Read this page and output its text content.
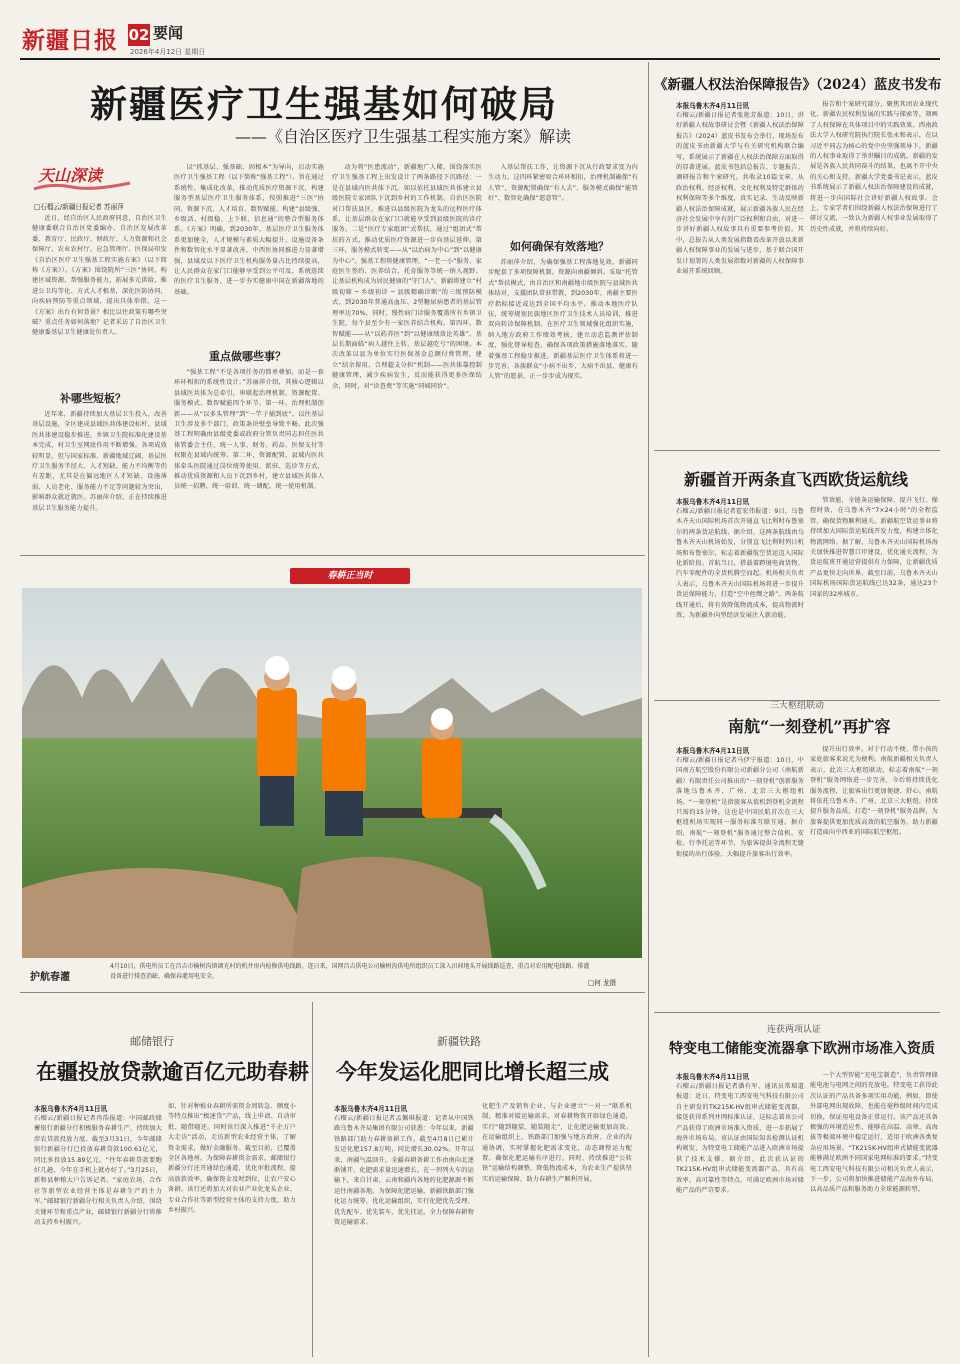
新疆日报 02 要闻
2026年4月12日 星期日
新疆医疗卫生强基如何破局
——《自治区医疗卫生强基工程实施方案》解读
天山深读
□石榴云/新疆日报记者 苏丽萍

近日，经自治区人民政府同意，自治区卫生健康委联合自治区党委编办、自治区发展改革委、教育厅、民政厅、财政厅、人力资源和社会保障厅、农业农村厅、应急管理厅、医保局印发《自治区医疗卫生强基工程实施方案》（以下简称《方案》）。《方案》围绕院所“三医”协同，构建区域资源、帮强服务能力，拓展多元供给，推进公卫均等化、方式人才根基，深化医防协同，向疾病预防等重点领域，提出具体举措。这一《方案》出台有何背景？相比以往政策有哪些突破？重点任务如何落地？记者采访了自治区卫生健康委基层卫生健康处负责人。

补哪些短板？

近年来，新疆持续加大基层卫生投入，改善基层设施，全区建成县域医共体建设标杆，县域医共体建设稳步推进，乡镇卫生院标准化建设基本完成，村卫生室网底作用不断增强。各项成效较明显，但与国家标准、新疆地域辽阔、基层医疗卫生服务半径大、人才短缺、能力不均衡等仍有差距，尤其是在偏远地区人才短缺、设施薄弱、人员老化、服务能力不足等问题较为突出，影响群众就近就医。苏丽萍介绍，正在持续推进基层卫生服务能力提升。

以“抓基层、强基础、固根本”为导向，启动实施医疗卫生强基工程（以下简称“强基工程”），旨在通过系统性、集成化改革，推动优质医疗资源下沉，构建服务型基层医疗卫生服务体系，按照推进“三医”协同、资源下沉、人才培育、数智赋能、构建“县级强、乡级活、村级稳、上下联、信息通”的整合型服务体系。《方案》明确，到2030年，基层医疗卫生服务体系更加健全，人才规模与素质大幅提升，设施设备条件和数智化水平显著改善，中西医协同推进力显著增强，县域及以下医疗卫生机构服务量占比持续提高，让人民群众在家门口能够享受到公平可及、系统连续的医疗卫生服务，进一步夯实健康中国在新疆落地的基础。

重点做哪些事？

“强基工程”不是各项任务的简单叠加，而是一套环环相扣的系统性设计。”苏丽萍介绍，其核心逻辑以县域医共体为总牵引，串联起治理机制、资源配置、服务模式、数智赋能四个环节。第一环，治理机制创新——从“以多头管理”到“一竿子捅到底”。以往基层卫生涉及多个部门，政策条块壁垒导致不畅。此次强基工程明确由县级党委或政府分管负责同志担任医共体管委会主任，统一人事、财务、药品、医保支付等权限在县域内统筹。第二环，资源配置，县域内医共体牵头医院通过岗位统筹使用、派驻、巡诊等方式，推动优质资源和人员下沉到乡村，建立县域医共体人员统一招聘、统一培训、统一调配、统一使用机制。

动为将“医患流动”，新疆地广人稀，围绕落实医疗卫生强基工程上出发设计了两条路径下沉路径：一是在县域内医共体下沉。如以依托县域医共体建立县级医院专家团队下沉到乡村的工作机制，自治区医院对口帮扶县区，推进以县级医院为龙头的远程医疗体系，让基层群众在家门口就能享受到县级医院的诊疗服务。二是“医疗专家组团”式帮扶，通过“组团式”帮扶的方式，推动优质医疗资源进一步向基层延伸。第三环，服务模式转变——从“以治病为中心”到“以健康为中心”。强基工程将健康管理、“一老一小”服务、家庭医生签约、医养结合、托育服务等统一纳入视野。让基层机构成为居民健康的“守门人”。新疆将建立“村级初筛 ─ 乡级初诊 ─ 县级精确诊断”的三级预防模式，到2030年普通高血压、2型糖尿病患者的基层管理率达70%，同时，慢性病门诊服务覆盖所有乡镇卫生院，每个县至少有一家医养结合机构。第四环，数智赋能——从“以药养医”到“以健康绩效论英雄”。基层长期面临“病人越往上转，基层越吃亏”的困境。本次改革以县为单位实行医保基金总额付费管理，建立“结余留用、合理超支分担”机制——医共体靠控制健康管理，减少疾病发生，反而能获得更多医保结余，同时，对“诊查费”等实施“同城同价”。

入基层帮扶工作，让资源下沉从行政要求变为内生动力。这四环紧密咬合环环相扣，治理机制确保“有人管”、资源配置确保“有人去”、服务模式确保“能管好”、数智化确保“愿意管”。

如何确保有效落地？

苏丽萍介绍，为确保强基工程落地见效，新疆同步配套了多项保障机制。资源向南疆倾斜。采取“托管式”帮扶模式，由自治区和南疆地市级医院与县域医共体结对，支援团队常驻带教，到2030年，南疆主要医疗指标接近或达到全国平均水平。推动本地医疗队伍，统筹规划民族地区医疗卫生技术人员培训，推进双向转诊保障机制。在医疗卫生领域强化组织实施，纳入地方政府工作绩效考核，建立动态监测评估制度，强化督导检查，确保各项政策措施落地落实。随着强基工程稳步推进，新疆基层医疗卫生体系将进一步完善，各族群众“小病不出乡、大病不出县、健康有人管”的愿景，正一步步成为现实。

春耕正当时
护航春灌
4月10日，供电所员工在昌吉市榆树沟镇调光村的机井房内检修供电线路。连日来，国网昌吉供电公司榆树沟供电所组织员工深入田间地头开展线路巡查，重点对农用配电线路、排灌设备进行排查消缺，确保春灌用电安全。
□何 龙摄
邮储银行
在疆投放贷款逾百亿元助春耕
本报乌鲁木齐4月11日讯

石榴云/新疆日报记者冉浩报道：中国邮政储蓄银行新疆分行积极服务春耕生产，持续加大涉农贷款投放力度。截至3月31日，今年邮储银行新疆分行已投放春耕贷款100.61亿元，同比多投放15.89亿元。“往年春耕贷款要跑好几趟，今年在手机上就办好了。”3月25日，新和县种粮大户告诉记者。“家庭农场、合作社等新型农业经营主体是春耕生产的主力军。”邮储银行新疆分行相关负责人介绍，围绕关键环节和重点产业，邮储银行新疆分行将推动支持乡村振兴。

如，针对种植业春耕所需资金周转急、额度小等特点推出“极速贷”产品，线上申请、自动审批、随借随还。同时该行深入推进“千企万户大走访”活动，走访新型农业经营主体，了解资金需求，做好金融服务。截至目前，已覆盖全区各地州。为保障春耕资金需求，邮储银行新疆分行还开通绿色通道，优化审批流程，提高放款效率，确保资金及时到位，让农户安心备耕。该行还将加大对农业产业化龙头企业、专业合作社等新型经营主体的支持力度，助力乡村振兴。

新疆铁路
今年发运化肥同比增长超三成
本报乌鲁木齐4月11日讯

石榴云/新疆日报记者孟佩琪报道：记者从中国铁路乌鲁木齐局集团有限公司获悉：今年以来，新疆铁路部门助力春耕备耕工作，截至4月8日已累计发运化肥157.8万吨，同比增长30.02%。开年以来，南疆气温回升，全疆春耕备耕工作由南向北逐渐铺开，化肥需求量迅速增长。在一列列火车的运输下，来自甘肃、云南和疆内各地的化肥源源不断运往南疆各地。为保障化肥运输，新疆铁路部门强化运力统筹，优化运输组织，实行化肥优先受理、优先配车、优先装车、优先挂运，全力保障春耕物资运输需求。

化肥生产及销售企业，与企业建立“一对一”联系机制，精准对接运输需求。对春耕物资开辟绿色通道，实行“随到随装、随装随走”，让化肥运输更加高效。在运输组织上，铁路部门加强与地方政府、企业的沟通协调，实时掌握化肥需求变化，动态调整运力配置，确保化肥运输有序进行。同时，持续推进“公转铁”运输结构调整，降低物流成本，为农业生产提供坚实的运输保障，助力春耕生产顺利开展。

《新疆人权法治保障报告》（2024）蓝皮书发布
本报乌鲁木齐4月11日讯

石榴云/新疆日报记者张艳芳报道：10日，讲好新疆人权故事研讨会暨《新疆人权法治保障报告》（2024）蓝皮书发布会举行，现场发布的蓝皮书由新疆大学与有关研究机构联合编写，系统展示了新疆在人权法治保障方面取得的显著进展。蓝皮书包括总报告、专题报告、调研报告和个案研究，共收录10篇文章，从政治权利、经济权利、文化权利及特定群体的权利保障等多个维度，真实记录、生动反映新疆人权法治保障成就，展示新疆各族人民在经济社会发展中享有的广泛权利和自由，对进一步讲好新疆人权故事具有重要参考价值。其中，总报告从人类发展指数看改革开放以来新疆人权保障事业的发展与进步，基于联合国开发计划署的人类发展指数对新疆的人权保障事业展开系统回顾。

报告和个案研究部分，聚焦其团农业现代化、新疆农民权利发展的实践与探索等，刻画了人权保障在具体项目中的实践效果。西南政法大学人权研究院执行院长张永和表示，在以习近平同志为核心的党中央坚强领导下，新疆的人权事业取得了举世瞩目的成就。新疆的发展是各族人民共同奋斗的结果，也离不开中央的关心和支持。新疆大学党委书记表示，蓝皮书系统展示了新疆人权法治保障建设的成就，将进一步向国际社会讲好新疆人权故事。会上，专家学者们围绕新疆人权法治保障进行了研讨交流，一致认为新疆人权事业发展取得了历史性成就，并将持续向好。

新疆首开两条直飞西欧货运航线
本报乌鲁木齐4月11日讯

石榴云/新疆日报记者霍宏伟报道：9日，乌鲁木齐天山国际机场首次开通直飞比利时布鲁塞尔的两条货运航线，据介绍，这两条航线由乌鲁木齐天山机场始发，分别直飞比利时列日机场和布鲁塞尔，标志着新疆航空货运迈入国际化新阶段。首航当日，搭载着跨境电商货物、汽车零配件的全货机腾空而起。机场相关负责人表示，乌鲁木齐天山国际机场将进一步提升货运保障能力，打造“空中丝绸之路”。两条航线开通后，将有效降低物流成本，提高物流时效，为新疆外向型经济发展注入新动能。

管效能，全链条运输保障，提升飞行、操控时效，在乌鲁木齐“7×24小时”的全程监管，确保货物顺利通关。新疆航空货运事业将持续加大国际货运航线开发力度，构建立体化物流网络。据了解，乌鲁木齐天山国际机场海关加快推进智慧口岸建设，优化通关流程，为货运航班开通运营提供有力保障，让新疆优质产品更快走向世界。截至目前，乌鲁木齐天山国际机场国际货运航线已达32条，通达23个国家的32座城市。

三大枢纽联动
南航“一刻登机”再扩容
本报乌鲁木齐4月11日讯

石榴云/新疆日报记者马伊宁报道：10日，中国南方航空股份有限公司新疆分公司（南航新疆）有限责任公司推出的“一刻登机”创新服务落地乌鲁木齐、广州、北京三大枢纽机场。“一刻登机”是指旅客从值机到登机全流程只需约15分钟，这也是中国民航首次在三大枢纽机场实现同一服务标准互联互通。据介绍，南航“一刻登机”服务通过整合值机、安检、行李托运等环节，为旅客提供全流程无缝衔接的出行体验，大幅提升旅客出行效率。

提升出行效率，对于行动不便、带小孩的家庭旅客来说尤为便利。南航新疆相关负责人表示，此次三大枢纽联动，标志着南航“一刻登机”服务网络进一步完善，今后将持续优化服务流程，让旅客出行更加便捷、舒心。南航将依托乌鲁木齐、广州、北京三大枢纽，持续提升服务品质，打造“一刻登机”服务品牌，为旅客提供更加优质高效的航空服务，助力新疆打造面向中西亚的国际航空枢纽。

连获两项认证
特变电工储能变流器拿下欧洲市场准入资质
本报乌鲁木齐4月11日讯

石榴云/新疆日报记者潘有军、通讯员常瑞道报道：近日，特变电工西安电气科技有限公司自主研发的TK215K-HV组串式储能变流器，接连获得系列并网标准认证，这标志着该公司产品获得了欧洲市场准入资质，进一步拓展了海外市场布局。该认证由国际知名检测认证机构颁发，为特变电工储能产品进入欧洲市场提供了技术支撑。据介绍，此次获认证的TK215K-HV组串式储能变流器产品，具有高效率、高可靠性等特点，可满足欧洲市场对储能产品的严苛要求。

一个大型智能“充电宝制造”，负责管理储能电池与电网之间的充放电。特变电工获得此次认证的产品具备多项实用功能，例如，即使外部电网出现故障，也能在毫秒级时间内完成切换，保证用电设备正常运行。该产品还具备极强的环境适应性，能够在高温、高寒、高海拔等极端环境中稳定运行，适用于欧洲各类复杂应用场景。“TK215K-HV组串式储能变流器能够满足欧洲不同国家电网标准的要求。”特变电工西安电气科技有限公司相关负责人表示，下一步，公司将加快推进储能产品海外布局，以高品质产品和服务助力全球能源转型。
